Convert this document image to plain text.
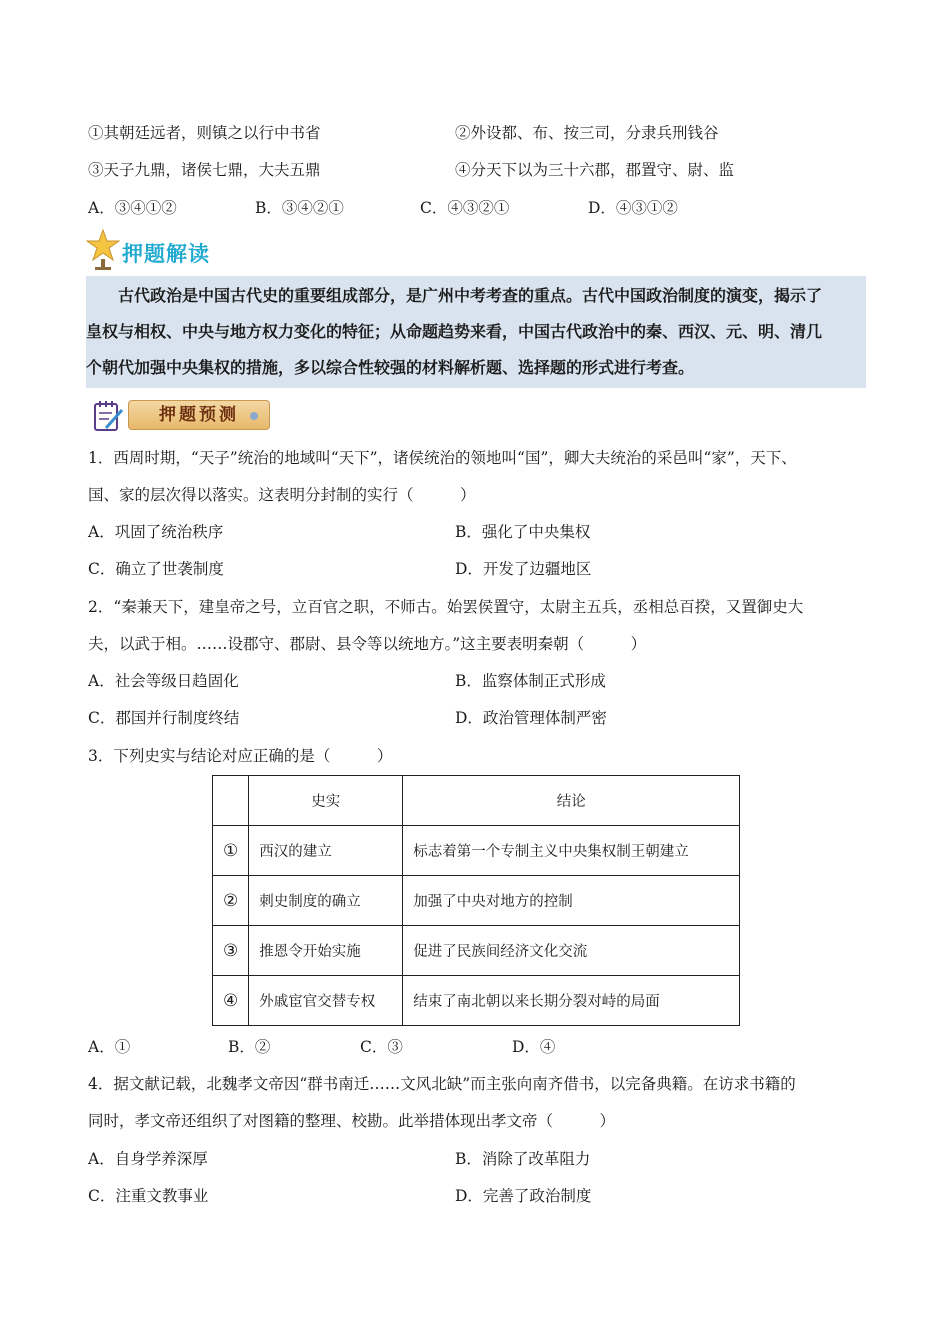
①其朝廷远者，则镇之以行中书省	②外设都、布、按三司，分隶兵刑钱谷
③天子九鼎，诸侯七鼎，大夫五鼎	④分天下以为三十六郡，郡置守、尉、监
A．③④①②	B．③④②①	C．④③②①	D．④③①②
押题解读

古代政治是中国古代史的重要组成部分，是广州中考考查的重点。古代中国政治制度的演变，揭示了

皇权与相权、中央与地方权力变化的特征；从命题趋势来看，中国古代政治中的秦、西汉、元、明、清几

个朝代加强中央集权的措施，多以综合性较强的材料解析题、选择题的形式进行考查。

押题预测
1．西周时期，“天子”统治的地域叫“天下”，诸侯统治的领地叫“国”，卿大夫统治的采邑叫“家”，天下、
国、家的层次得以落实。这表明分封制的实行（　　　）
A．巩固了统治秩序	B．强化了中央集权
C．确立了世袭制度	D．开发了边疆地区
2．“秦兼天下，建皇帝之号，立百官之职，不师古。始罢侯置守，太尉主五兵，丞相总百揆，又置御史大
夫，以武于相。……设郡守、郡尉、县令等以统地方。”这主要表明秦朝（　　　）
A．社会等级日趋固化	B．监察体制正式形成
C．郡国并行制度终结	D．政治管理体制严密
3．下列史实与结论对应正确的是（　　　）
	史实	结论
①	西汉的建立	标志着第一个专制主义中央集权制王朝建立
②	刺史制度的确立	加强了中央对地方的控制
③	推恩令开始实施	促进了民族间经济文化交流
④	外戚宦官交替专权	结束了南北朝以来长期分裂对峙的局面
A．①	B．②	C．③	D．④
4．据文献记载，北魏孝文帝因“群书南迁……文风北缺”而主张向南齐借书，以完备典籍。在访求书籍的
同时，孝文帝还组织了对图籍的整理、校勘。此举措体现出孝文帝（　　　）
A．自身学养深厚	B．消除了改革阻力
C．注重文教事业	D．完善了政治制度
